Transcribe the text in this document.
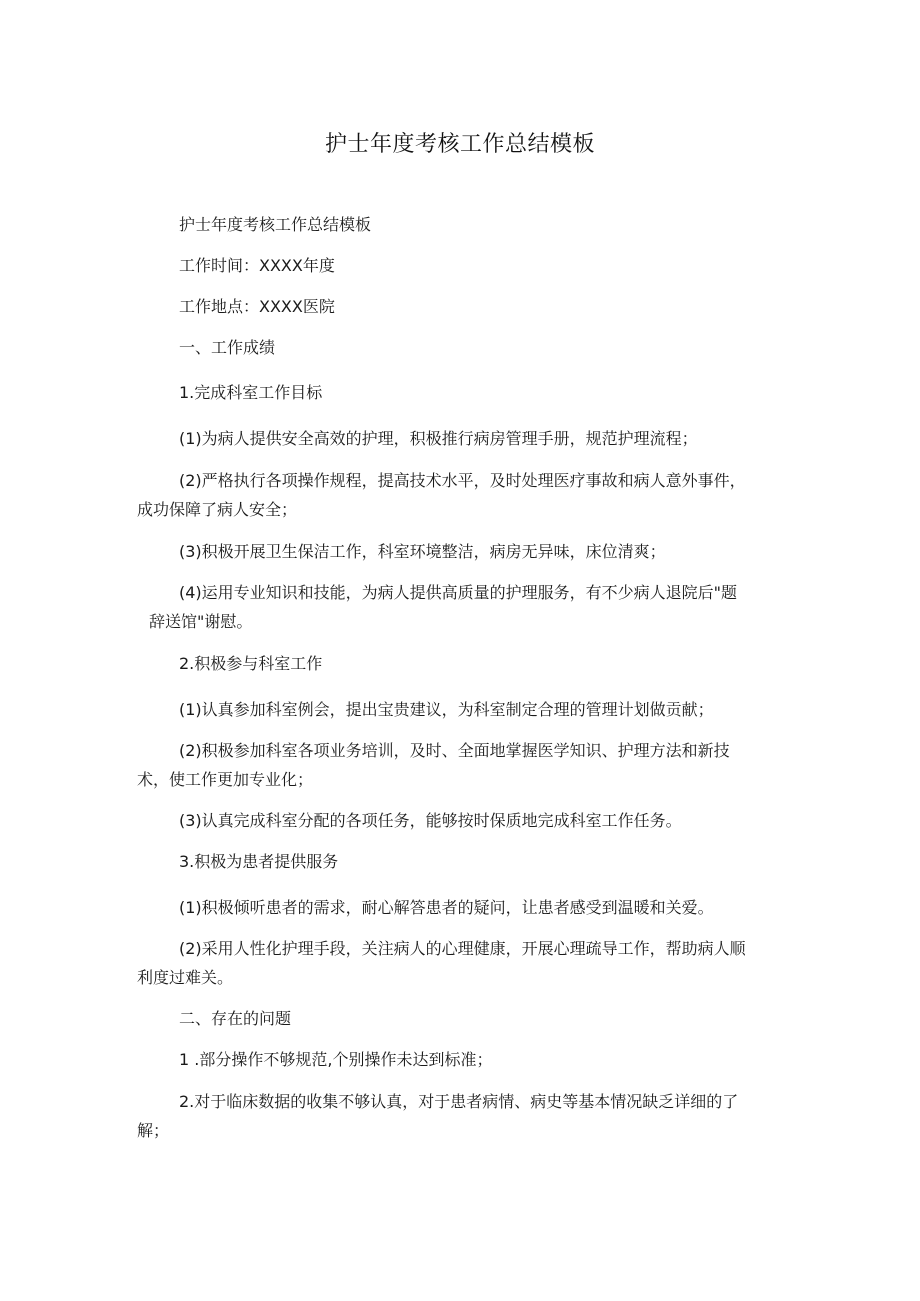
护士年度考核工作总结模板
护士年度考核工作总结模板
工作时间：XXXX年度
工作地点：XXXX医院
一、工作成绩
1.完成科室工作目标
(1)为病人提供安全高效的护理，积极推行病房管理手册，规范护理流程；
(2)严格执行各项操作规程，提高技术水平，及时处理医疗事故和病人意外事件，
成功保障了病人安全；
(3)积极开展卫生保洁工作，科室环境整洁，病房无异味，床位清爽；
(4)运用专业知识和技能，为病人提供高质量的护理服务，有不少病人退院后"题
辞送馆"谢慰。
2.积极参与科室工作
(1)认真参加科室例会，提出宝贵建议，为科室制定合理的管理计划做贡献；
(2)积极参加科室各项业务培训，及时、全面地掌握医学知识、护理方法和新技
术，使工作更加专业化；
(3)认真完成科室分配的各项任务，能够按时保质地完成科室工作任务。
3.积极为患者提供服务
(1)积极倾听患者的需求，耐心解答患者的疑问，让患者感受到温暖和关爱。
(2)采用人性化护理手段，关注病人的心理健康，开展心理疏导工作，帮助病人顺
利度过难关。
二、存在的问题
1 .部分操作不够规范,个别操作未达到标准；
2.对于临床数据的收集不够认真，对于患者病情、病史等基本情况缺乏详细的了
解；
